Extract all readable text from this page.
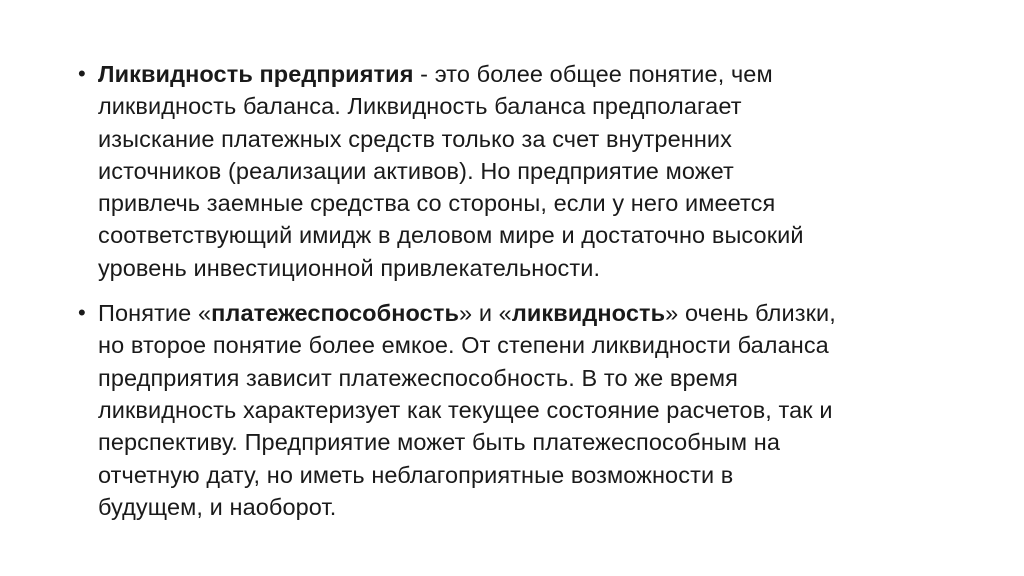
• Ликвидность предприятия - это более общее понятие, чем
ликвидность баланса. Ликвидность баланса предполагает
изыскание платежных средств только за счет внутренних
источников (реализации активов). Но предприятие может
привлечь заемные средства со стороны, если у него имеется
соответствующий имидж в деловом мире и достаточно высокий
уровень инвестиционной привлекательности.
• Понятие «платежеспособность» и «ликвидность» очень близки,
но второе понятие более емкое. От степени ликвидности баланса
предприятия зависит платежеспособность. В то же время
ликвидность характеризует как текущее состояние расчетов, так и
перспективу. Предприятие может быть платежеспособным на
отчетную дату, но иметь неблагоприятные возможности в
будущем, и наоборот.
